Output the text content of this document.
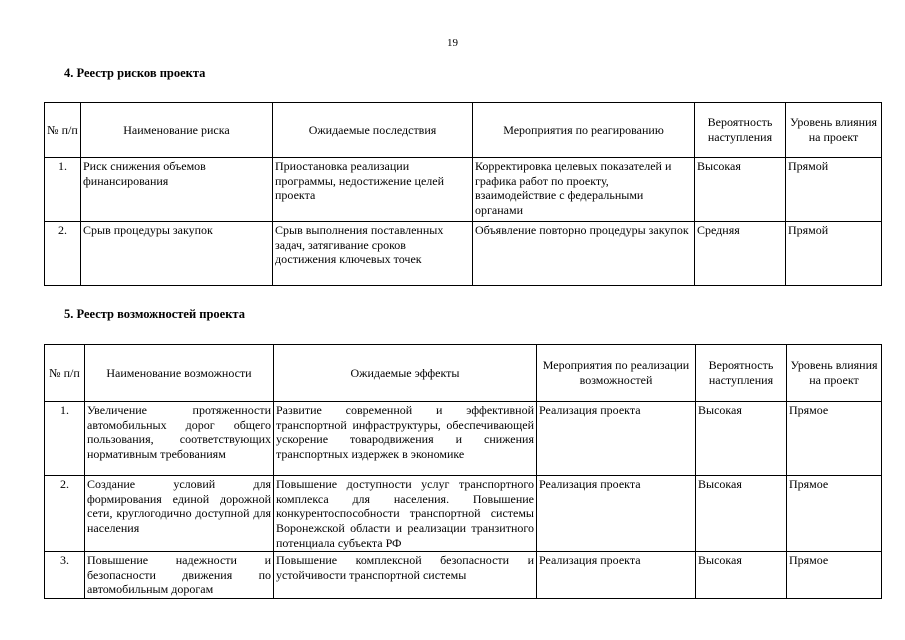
19
4. Реестр рисков проекта
№ п/п	Наименование риска	Ожидаемые последствия	Мероприятия по реагированию	Вероятность наступления	Уровень влияния на проект
1.	Риск снижения объемов финансирования	Приостановка реализации программы, недостижение целей проекта	Корректировка целевых показателей и графика работ по проекту, взаимодействие с федеральными органами	Высокая	Прямой
2.	Срыв процедуры закупок	Срыв выполнения поставленных задач, затягивание сроков достижения ключевых точек	Объявление повторно процедуры закупок	Средняя	Прямой
5. Реестр возможностей проекта
№ п/п	Наименование возможности	Ожидаемые эффекты	Мероприятия по реализации возможностей	Вероятность наступления	Уровень влияния на проект
1.	Увеличение протяженности автомобильных дорог общего пользования, соответствующих нормативным требованиям	Развитие современной и эффективной транспортной инфраструктуры, обеспечивающей ускорение товародвижения и снижения транспортных издержек в экономике	Реализация проекта	Высокая	Прямое
2.	Создание условий для формирования единой дорожной сети, круглогодично доступной для населения	Повышение доступности услуг транспортного комплекса для населения. Повышение конкурентоспособности транспортной системы Воронежской области и реализации транзитного потенциала субъекта РФ	Реализация проекта	Высокая	Прямое
3.	Повышение надежности и безопасности движения по автомобильным дорогам	Повышение комплексной безопасности и устойчивости транспортной системы	Реализация проекта	Высокая	Прямое
